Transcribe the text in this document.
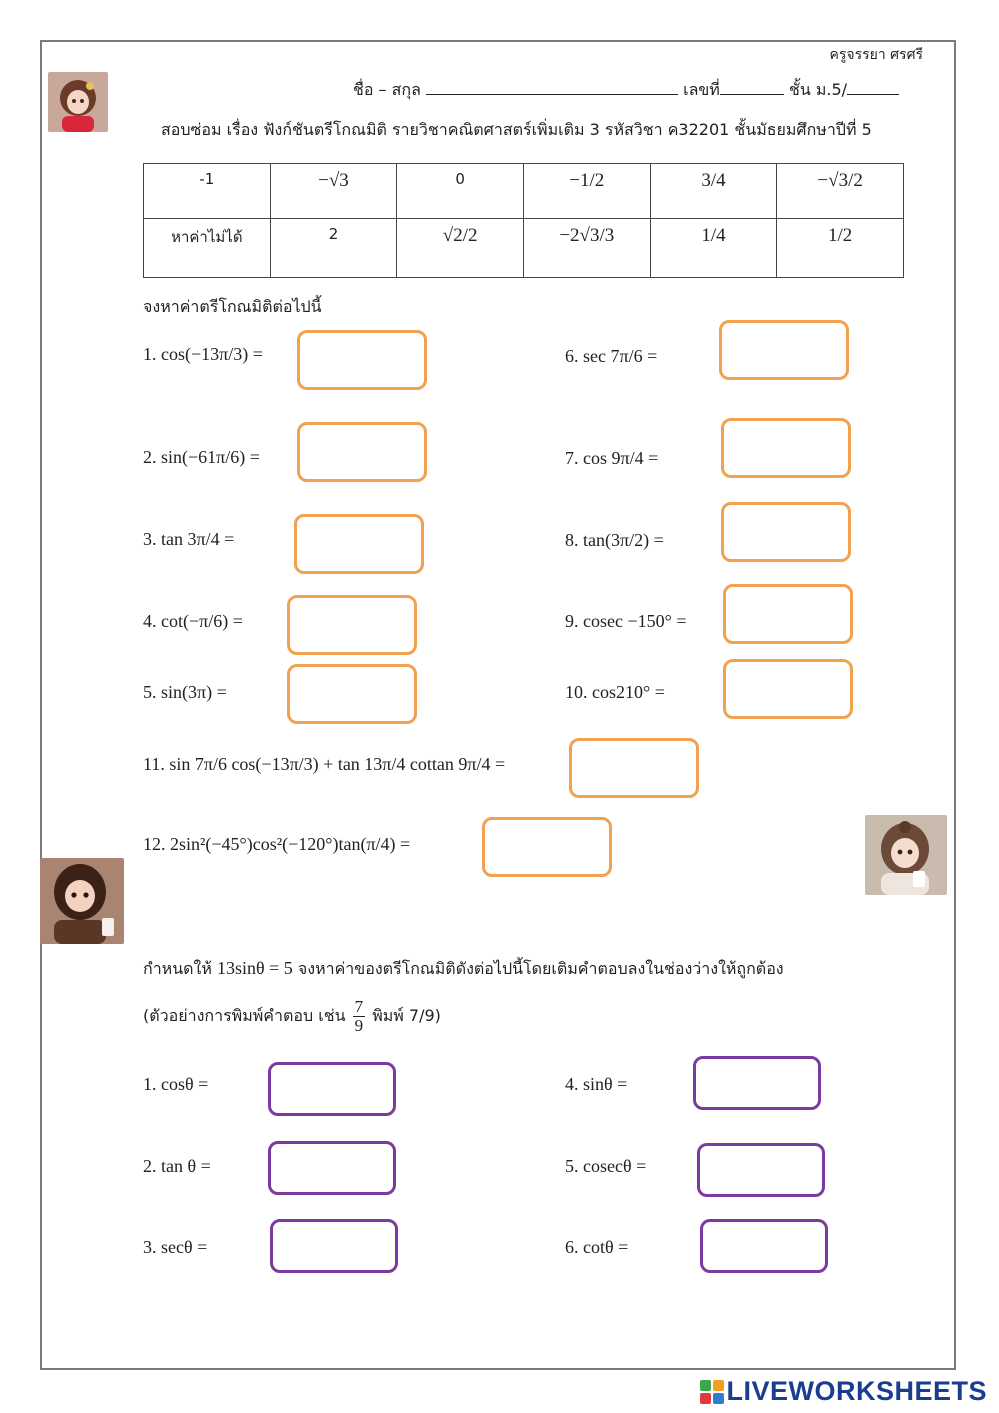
ครูจรรยา ศรศรี
ชื่อ – สกุล	เลขที่	ชั้น ม.5/
สอบซ่อม เรื่อง ฟังก์ชันตรีโกณมิติ รายวิชาคณิตศาสตร์เพิ่มเติม 3 รหัสวิชา ค32201 ชั้นมัธยมศึกษาปีที่ 5
-1	−√3	0	−1/2	3/4	−√3/2
หาค่าไม่ได้	2	√2/2	−2√3/3	1/4	1/2
จงหาค่าตรีโกณมิติต่อไปนี้
1.
cos(−13π/3) =
2.
sin(−61π/6) =
3.
tan 3π/4 =
4.
cot(−π/6) =
5.
sin(3π) =
6.
sec 7π/6 =
7.
cos 9π/4 =
8.
tan(3π/2) =
9.
cosec −150° =
10.
cos210° =
11.
sin 7π/6 cos(−13π/3) + tan 13π/4 cottan 9π/4 =
12.
2sin²(−45°)cos²(−120°)tan(π/4) =
กำหนดให้ 13sinθ = 5 จงหาค่าของตรีโกณมิติดังต่อไปนี้โดยเติมคำตอบลงในช่องว่างให้ถูกต้อง
(ตัวอย่างการพิมพ์คำตอบ เช่น
$\frac{7}{9}$
พิมพ์ 7/9)
1.
cosθ =
2.
tan θ =
3.
secθ =
4.
sinθ =
5.
cosecθ =
6.
cotθ =
LIVEWORKSHEETS
